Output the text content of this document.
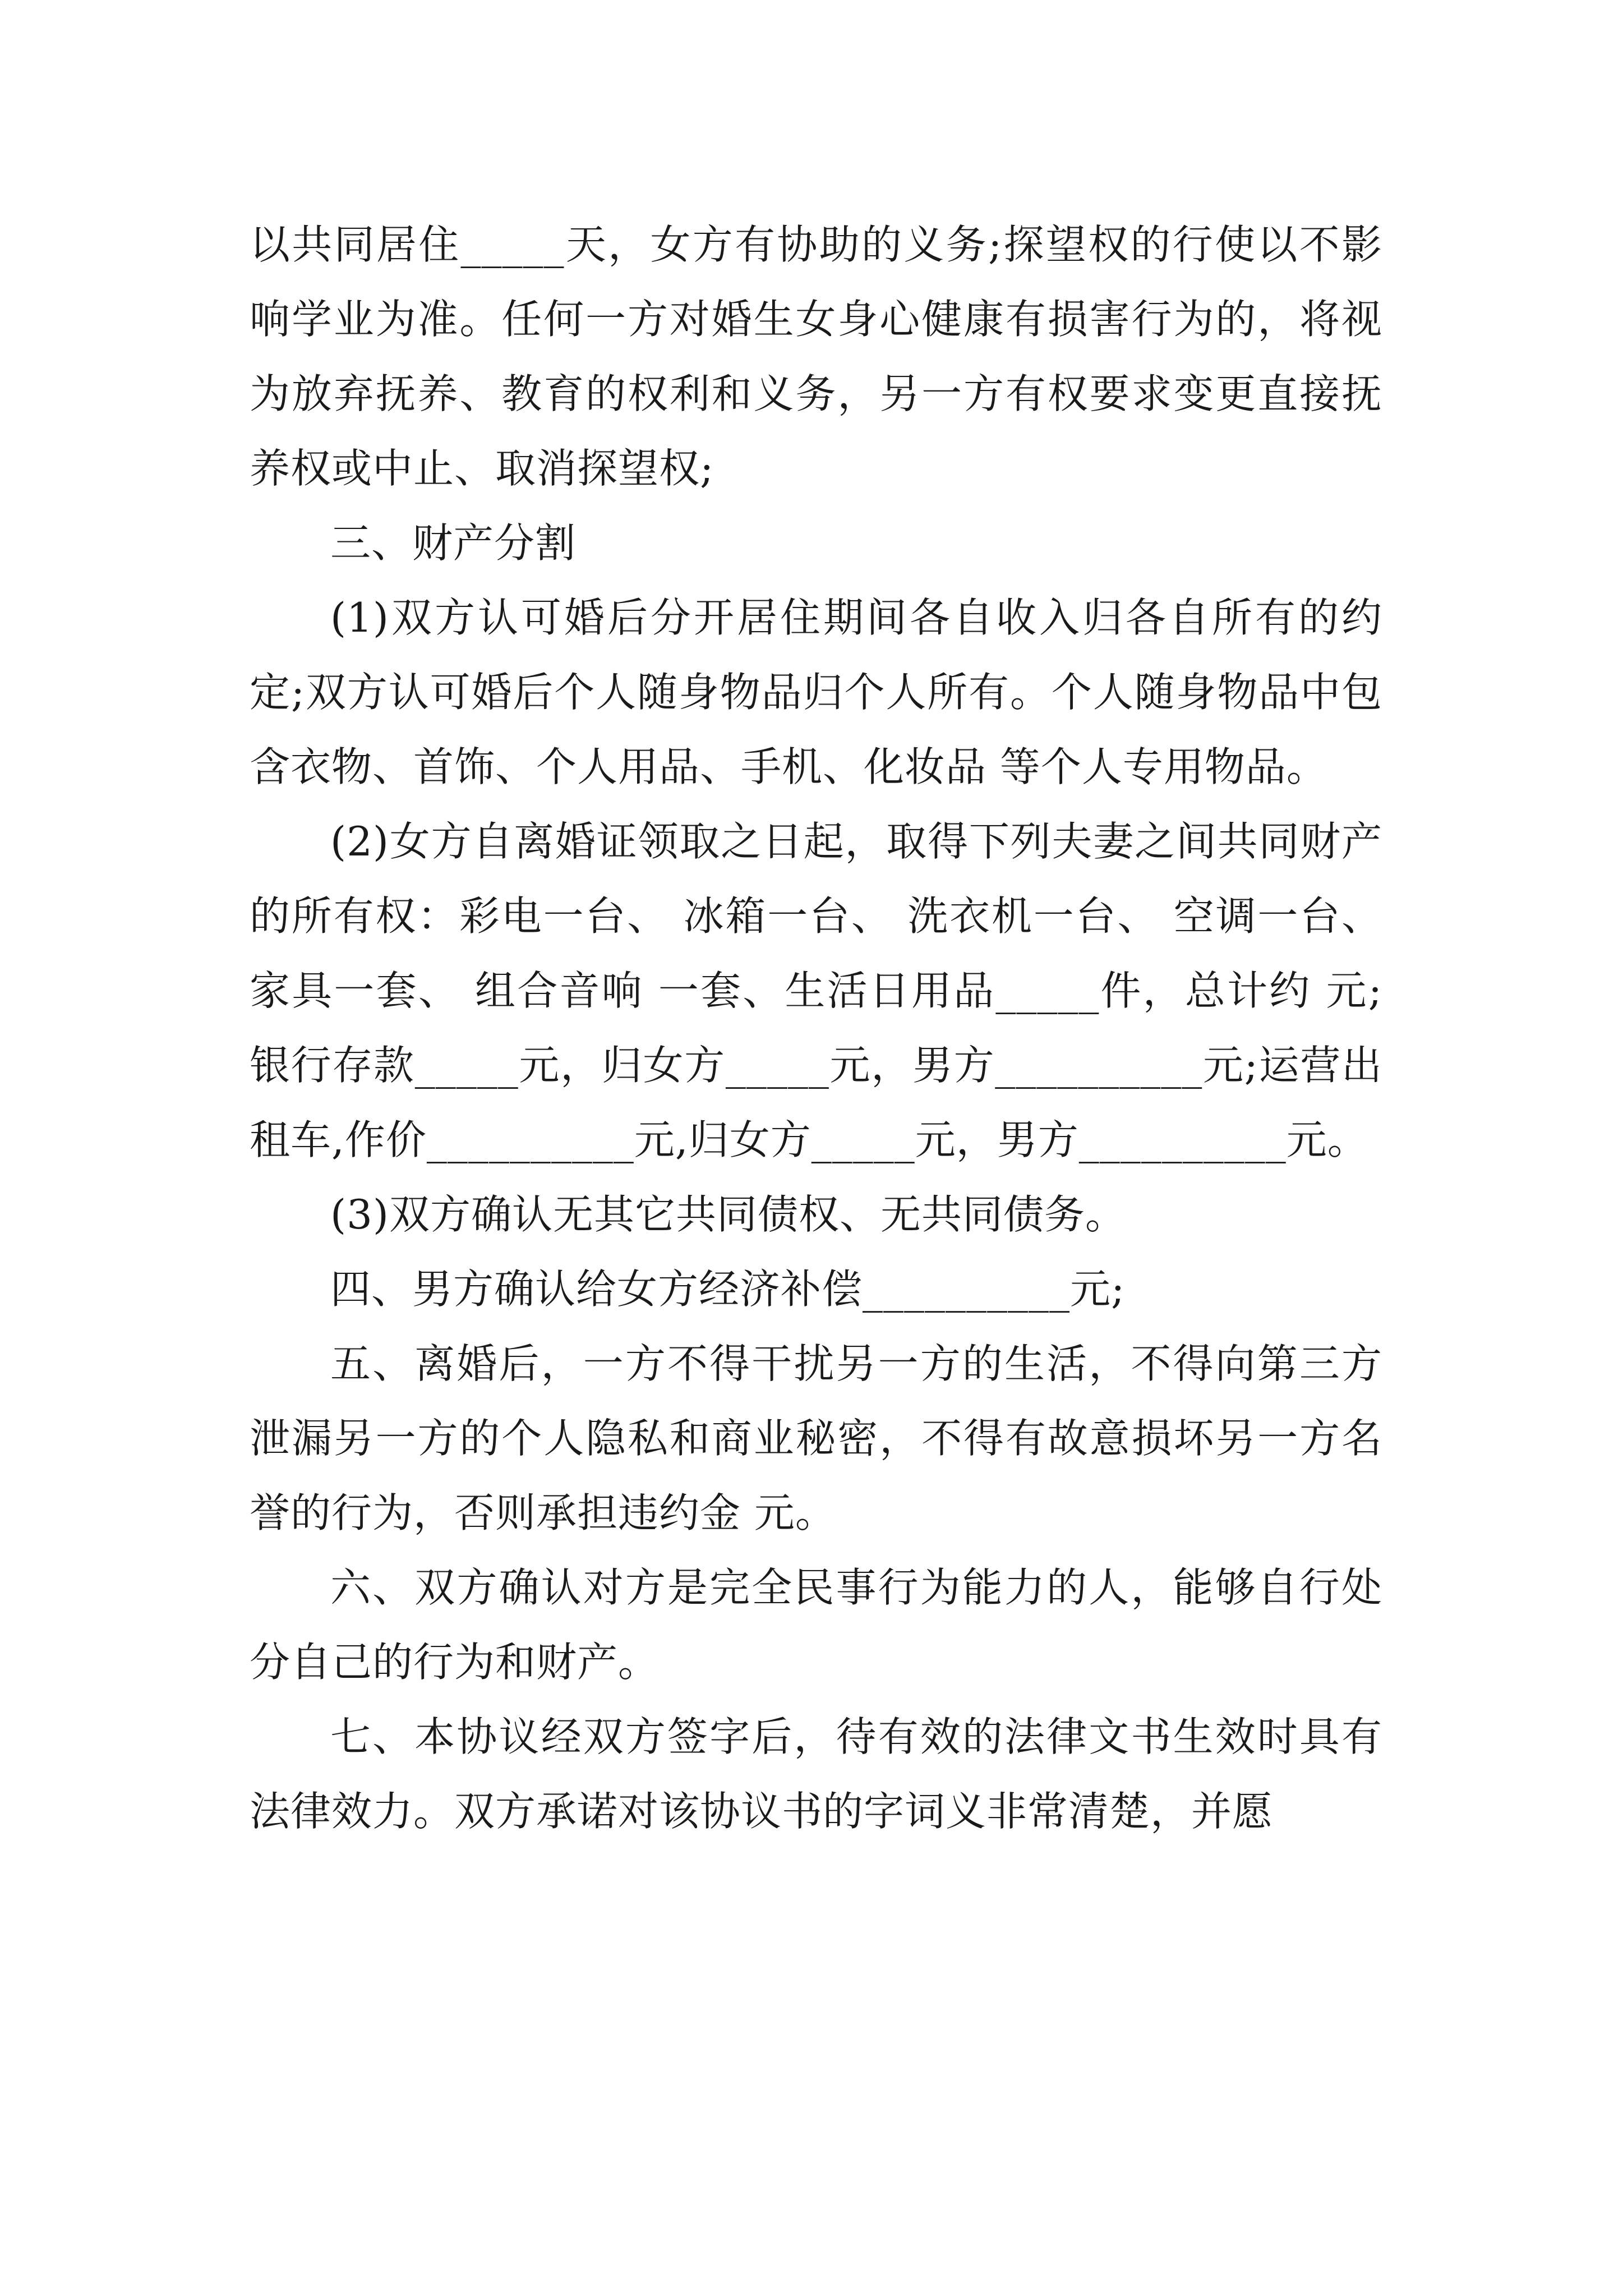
以共同居住_____天，女方有协助的义务;探望权的行使以不影响学业为准。任何一方对婚生女身心健康有损害行为的，将视为放弃抚养、教育的权利和义务，另一方有权要求变更直接抚养权或中止、取消探望权;

三、财产分割

(1)双方认可婚后分开居住期间各自收入归各自所有的约定;双方认可婚后个人随身物品归个人所有。个人随身物品中包含衣物、首饰、个人用品、手机、化妆品 等个人专用物品。

(2)女方自离婚证领取之日起，取得下列夫妻之间共同财产的所有权：彩电一台、 冰箱一台、 洗衣机一台、 空调一台、 家具一套、 组合音响 一套、生活日用品_____件，总计约 元;银行存款_____元，归女方_____元，男方__________元;运营出租车,作价__________元,归女方_____元，男方__________元。

(3)双方确认无其它共同债权、无共同债务。

四、男方确认给女方经济补偿__________元;

五、离婚后，一方不得干扰另一方的生活，不得向第三方泄漏另一方的个人隐私和商业秘密，不得有故意损坏另一方名誉的行为，否则承担违约金 元。

六、双方确认对方是完全民事行为能力的人，能够自行处分自己的行为和财产。

七、本协议经双方签字后，待有效的法律文书生效时具有法律效力。双方承诺对该协议书的字词义非常清楚，并愿
